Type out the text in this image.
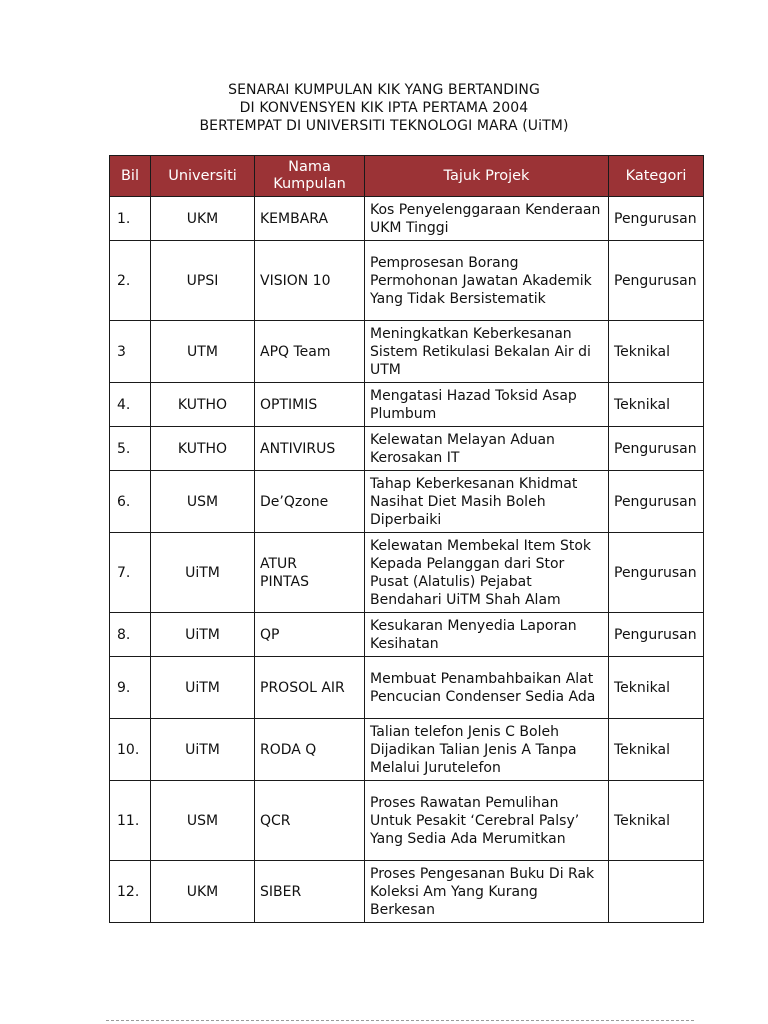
SENARAI KUMPULAN KIK YANG BERTANDING
DI KONVENSYEN KIK IPTA PERTAMA 2004
BERTEMPAT DI UNIVERSITI TEKNOLOGI MARA (UiTM)
Bil	Universiti	Nama Kumpulan	Tajuk Projek	Kategori
1.	UKM	KEMBARA	Kos Penyelenggaraan Kenderaan UKM Tinggi	Pengurusan
2.	UPSI	VISION 10	Pemprosesan Borang Permohonan Jawatan Akademik Yang Tidak Bersistematik	Pengurusan
3	UTM	APQ Team	Meningkatkan Keberkesanan Sistem Retikulasi Bekalan Air di UTM	Teknikal
4.	KUTHO	OPTIMIS	Mengatasi Hazad Toksid Asap Plumbum	Teknikal
5.	KUTHO	ANTIVIRUS	Kelewatan Melayan Aduan Kerosakan IT	Pengurusan
6.	USM	De’Qzone	Tahap Keberkesanan Khidmat Nasihat Diet Masih Boleh Diperbaiki	Pengurusan
7.	UiTM	ATUR PINTAS	Kelewatan Membekal Item Stok Kepada Pelanggan dari Stor Pusat (Alatulis) Pejabat Bendahari UiTM Shah Alam	Pengurusan
8.	UiTM	QP	Kesukaran Menyedia Laporan Kesihatan	Pengurusan
9.	UiTM	PROSOL AIR	Membuat Penambahbaikan Alat Pencucian Condenser Sedia Ada	Teknikal
10.	UiTM	RODA Q	Talian telefon Jenis C Boleh Dijadikan Talian Jenis A Tanpa Melalui Jurutelefon	Teknikal
11.	USM	QCR	Proses Rawatan Pemulihan Untuk Pesakit ‘Cerebral Palsy’ Yang Sedia Ada Merumitkan	Teknikal
12.	UKM	SIBER	Proses Pengesanan Buku Di Rak Koleksi Am Yang Kurang Berkesan	
